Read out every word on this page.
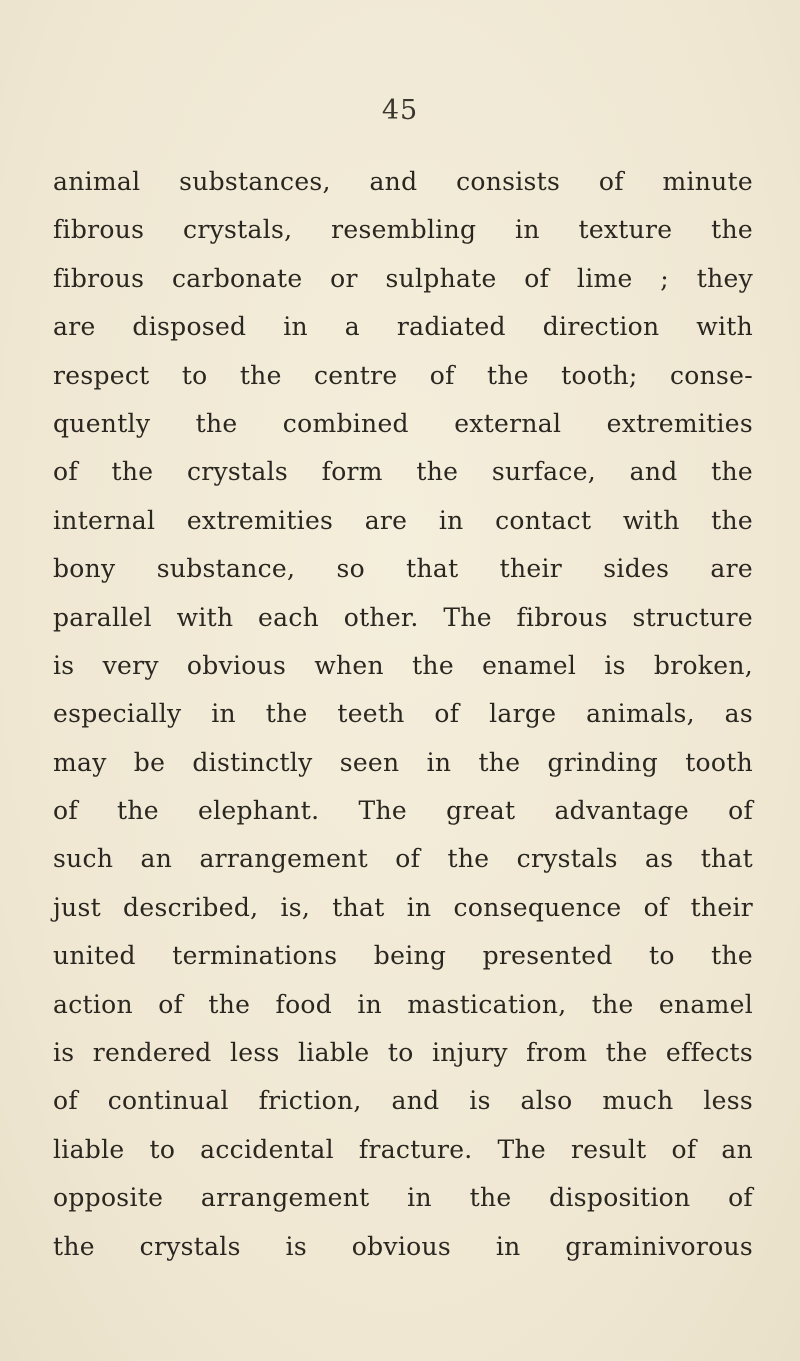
45
animal substances, and consists of minute
fibrous crystals, resembling in texture the
fibrous carbonate or sulphate of lime ; they
are disposed in a radiated direction with
respect to the centre of the tooth; conse-
quently the combined external extremities
of the crystals form the surface, and the
internal extremities are in contact with the
bony substance, so that their sides are
parallel with each other. The fibrous structure
is very obvious when the enamel is broken,
especially in the teeth of large animals, as
may be distinctly seen in the grinding tooth
of the elephant. The great advantage of
such an arrangement of the crystals as that
just described, is, that in consequence of their
united terminations being presented to the
action of the food in mastication, the enamel
is rendered less liable to injury from the effects
of continual friction, and is also much less
liable to accidental fracture. The result of an
opposite arrangement in the disposition of
the crystals is obvious in graminivorous
